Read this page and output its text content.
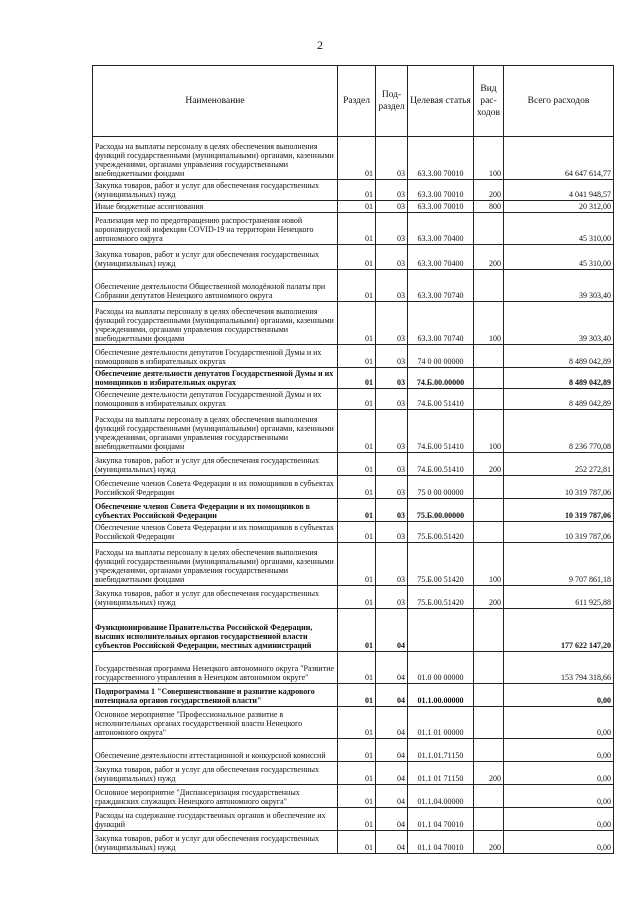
2
Наименование	Раздел	Под-раздел	Целевая статья	Вид рас-ходов	Всего расходов
Расходы на выплаты персоналу в целях обеспечения выполнения функций государственными (муниципальными) органами, казенными учреждениями, органами управления государственными внебюджетными фондами	01	03	63.3.00 70010	100	64 647 614,77
Закупка товаров, работ и услуг для обеспечения государственных (муниципальных) нужд	01	03	63.3.00 70010	200	4 041 948,57
Иные бюджетные ассигнования	01	03	63.3.00 70010	800	20 312,00
Реализация мер по предотвращению распространения новой коронавирусной инфекции COVID-19 на территории Ненецкого автономного округа	01	03	63.3.00 70400		45 310,00
Закупка товаров, работ и услуг для обеспечения государственных (муниципальных) нужд	01	03	63.3.00 70400	200	45 310,00
Обеспечение деятельности Общественной молодёжной палаты при Собрании депутатов Ненецкого автономного округа	01	03	63.3.00 70740		39 303,40
Расходы на выплаты персоналу в целях обеспечения выполнения функций государственными (муниципальными) органами, казенными учреждениями, органами управления государственными внебюджетными фондами	01	03	63.3.00 70740	100	39 303,40
Обеспечение деятельности депутатов Государственной Думы и их помощников в избирательных округах	01	03	74 0 00 00000		8 489 042,89
Обеспечение деятельности депутатов Государственной Думы и их помощников в избирательных округах	01	03	74.Б.00.00000		8 489 042,89
Обеспечение деятельности депутатов Государственной Думы и их помощников в избирательных округах	01	03	74.Б.00 51410		8 489 042,89
Расходы на выплаты персоналу в целях обеспечения выполнения функций государственными (муниципальными) органами, казенными учреждениями, органами управления государственными внебюджетными фондами	01	03	74.Б.00 51410	100	8 236 770,08
Закупка товаров, работ и услуг для обеспечения государственных (муниципальных) нужд	01	03	74.Б.00.51410	200	252 272,81
Обеспечение членов Совета Федерации и их помощников в субъектах Российской Федерации	01	03	75 0 00 00000		10 319 787,06
Обеспечение членов Совета Федерации и их помощников в субъектах Российской Федерации	01	03	75.Б.00.00000		10 319 787,06
Обеспечение членов Совета Федерации и их помощников в субъектах Российской Федерации	01	03	75.Б.00.51420		10 319 787,06
Расходы на выплаты персоналу в целях обеспечения выполнения функций государственными (муниципальными) органами, казенными учреждениями, органами управления государственными внебюджетными фондами	01	03	75.Б.00 51420	100	9 707 861,18
Закупка товаров, работ и услуг для обеспечения государственных (муниципальных) нужд	01	03	75.Б.00.51420	200	611 925,88
Функционирование Правительства Российской Федерации, высших исполнительных органов государственной власти субъектов Российской Федерации, местных администраций	01	04			177 622 147,20
Государственная программа Ненецкого автономного округа "Развитие государственного управления в Ненецком автономном округе"	01	04	01.0 00 00000		153 794 318,66
Подпрограмма 1 "Совершенствование и развитие кадрового потенциала органов государственной власти"	01	04	01.1.00.00000		0,00
Основное мероприятие "Профессиональное развитие в исполнительных органах государственной власти Ненецкого автономного округа"	01	04	01.1 01 00000		0,00
Обеспечение деятельности аттестационной и конкурсной комиссий	01	04	01.1.01.71150		0,00
Закупка товаров, работ и услуг для обеспечения государственных (муниципальных) нужд	01	04	01.1 01 71150	200	0,00
Основное мероприятие "Диспансеризация государственных гражданских служащих Ненецкого автономного округа"	01	04	01.1.04.00000		0,00
Расходы на содержание государственных органов и обеспечение их функций	01	04	01.1 04 70010		0,00
Закупка товаров, работ и услуг для обеспечения государственных (муниципальных) нужд	01	04	01.1 04 70010	200	0,00
